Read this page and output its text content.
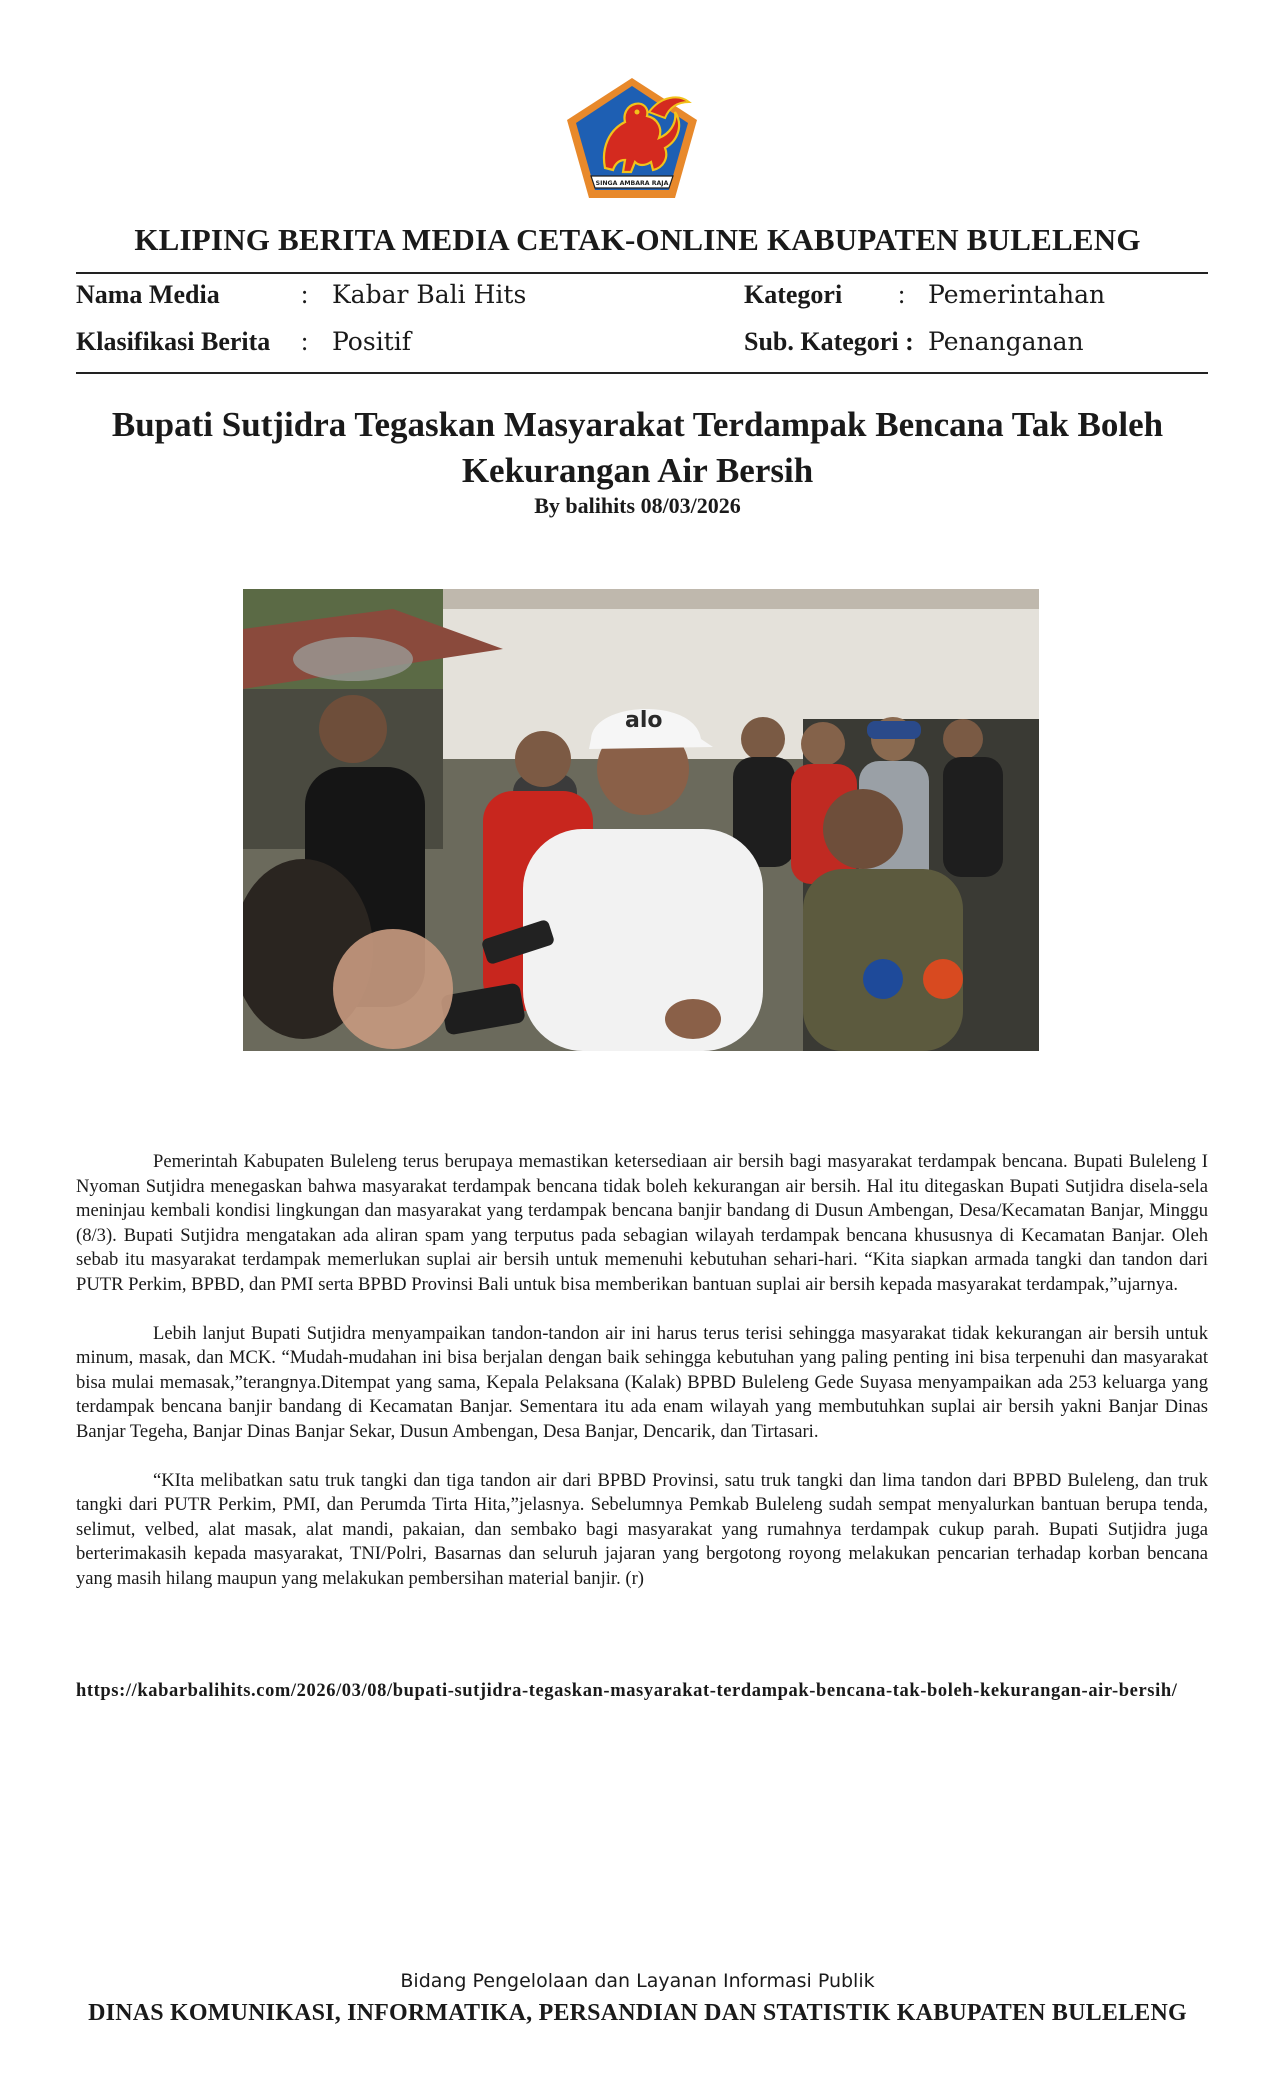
SINGA AMBARA RAJA
KLIPING BERITA MEDIA CETAK-ONLINE KABUPATEN BULELENG
Nama Media	: Kabar Bali Hits	Kategori : Pemerintahan
Klasifikasi Berita : Positif	Sub. Kategori : Penanganan
Bupati Sutjidra Tegaskan Masyarakat Terdampak Bencana Tak Boleh Kekurangan Air Bersih
By balihits 08/03/2026
alo

Pemerintah Kabupaten Buleleng terus berupaya memastikan ketersediaan air bersih bagi masyarakat terdampak bencana. Bupati Buleleng I Nyoman Sutjidra menegaskan bahwa masyarakat terdampak bencana tidak boleh kekurangan air bersih. Hal itu ditegaskan Bupati Sutjidra disela-sela meninjau kembali kondisi lingkungan dan masyarakat yang terdampak bencana banjir bandang di Dusun Ambengan, Desa/Kecamatan Banjar, Minggu (8/3). Bupati Sutjidra mengatakan ada aliran spam yang terputus pada sebagian wilayah terdampak bencana khususnya di Kecamatan Banjar. Oleh sebab itu masyarakat terdampak memerlukan suplai air bersih untuk memenuhi kebutuhan sehari-hari. “Kita siapkan armada tangki dan tandon dari PUTR Perkim, BPBD, dan PMI serta BPBD Provinsi Bali untuk bisa memberikan bantuan suplai air bersih kepada masyarakat terdampak,”ujarnya.

Lebih lanjut Bupati Sutjidra menyampaikan tandon-tandon air ini harus terus terisi sehingga masyarakat tidak kekurangan air bersih untuk minum, masak, dan MCK. “Mudah-mudahan ini bisa berjalan dengan baik sehingga kebutuhan yang paling penting ini bisa terpenuhi dan masyarakat bisa mulai memasak,”terangnya.Ditempat yang sama, Kepala Pelaksana (Kalak) BPBD Buleleng Gede Suyasa menyampaikan ada 253 keluarga yang terdampak bencana banjir bandang di Kecamatan Banjar. Sementara itu ada enam wilayah yang membutuhkan suplai air bersih yakni Banjar Dinas Banjar Tegeha, Banjar Dinas Banjar Sekar, Dusun Ambengan, Desa Banjar, Dencarik, dan Tirtasari.

“KIta melibatkan satu truk tangki dan tiga tandon air dari BPBD Provinsi, satu truk tangki dan lima tandon dari BPBD Buleleng, dan truk tangki dari PUTR Perkim, PMI, dan Perumda Tirta Hita,”jelasnya. Sebelumnya Pemkab Buleleng sudah sempat menyalurkan bantuan berupa tenda, selimut, velbed, alat masak, alat mandi, pakaian, dan sembako bagi masyarakat yang rumahnya terdampak cukup parah. Bupati Sutjidra juga berterimakasih kepada masyarakat, TNI/Polri, Basarnas dan seluruh jajaran yang bergotong royong melakukan pencarian terhadap korban bencana yang masih hilang maupun yang melakukan pembersihan material banjir. (r)

https://kabarbalihits.com/2026/03/08/bupati-sutjidra-tegaskan-masyarakat-terdampak-bencana-tak-boleh-kekurangan-air-bersih/
Bidang Pengelolaan dan Layanan Informasi Publik
DINAS KOMUNIKASI, INFORMATIKA, PERSANDIAN DAN STATISTIK KABUPATEN BULELENG
